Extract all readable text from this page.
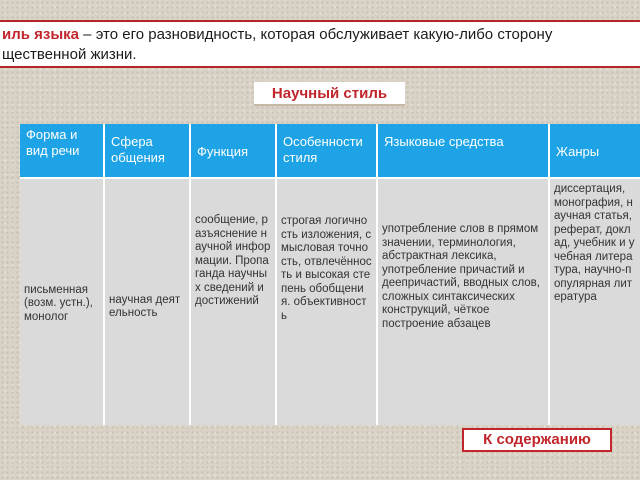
иль языка – это его разновидность, которая обслуживает какую-либо сторону
щественной жизни.
Научный стиль
Форма и вид речи	Сфера общения	Функция	Особенности стиля	Языковые средства	Жанры
письменная (возм. устн.), монолог	научная деятельность	сообщение, разъяснение научной информации. Пропаганда научных сведений и достижений	строгая логичность изложения, смысловая точность, отвлечённость и высокая степень обобщения. объективность	употребление слов в прямом значении, терминология, абстрактная лексика, употребление причастий и деепричастий, вводных слов, сложных синтаксических конструкций, чёткое построение абзацев	диссертация, монография, научная статья, реферат, доклад, учебник и учебная литература, научно-популярная литература
К содержанию
